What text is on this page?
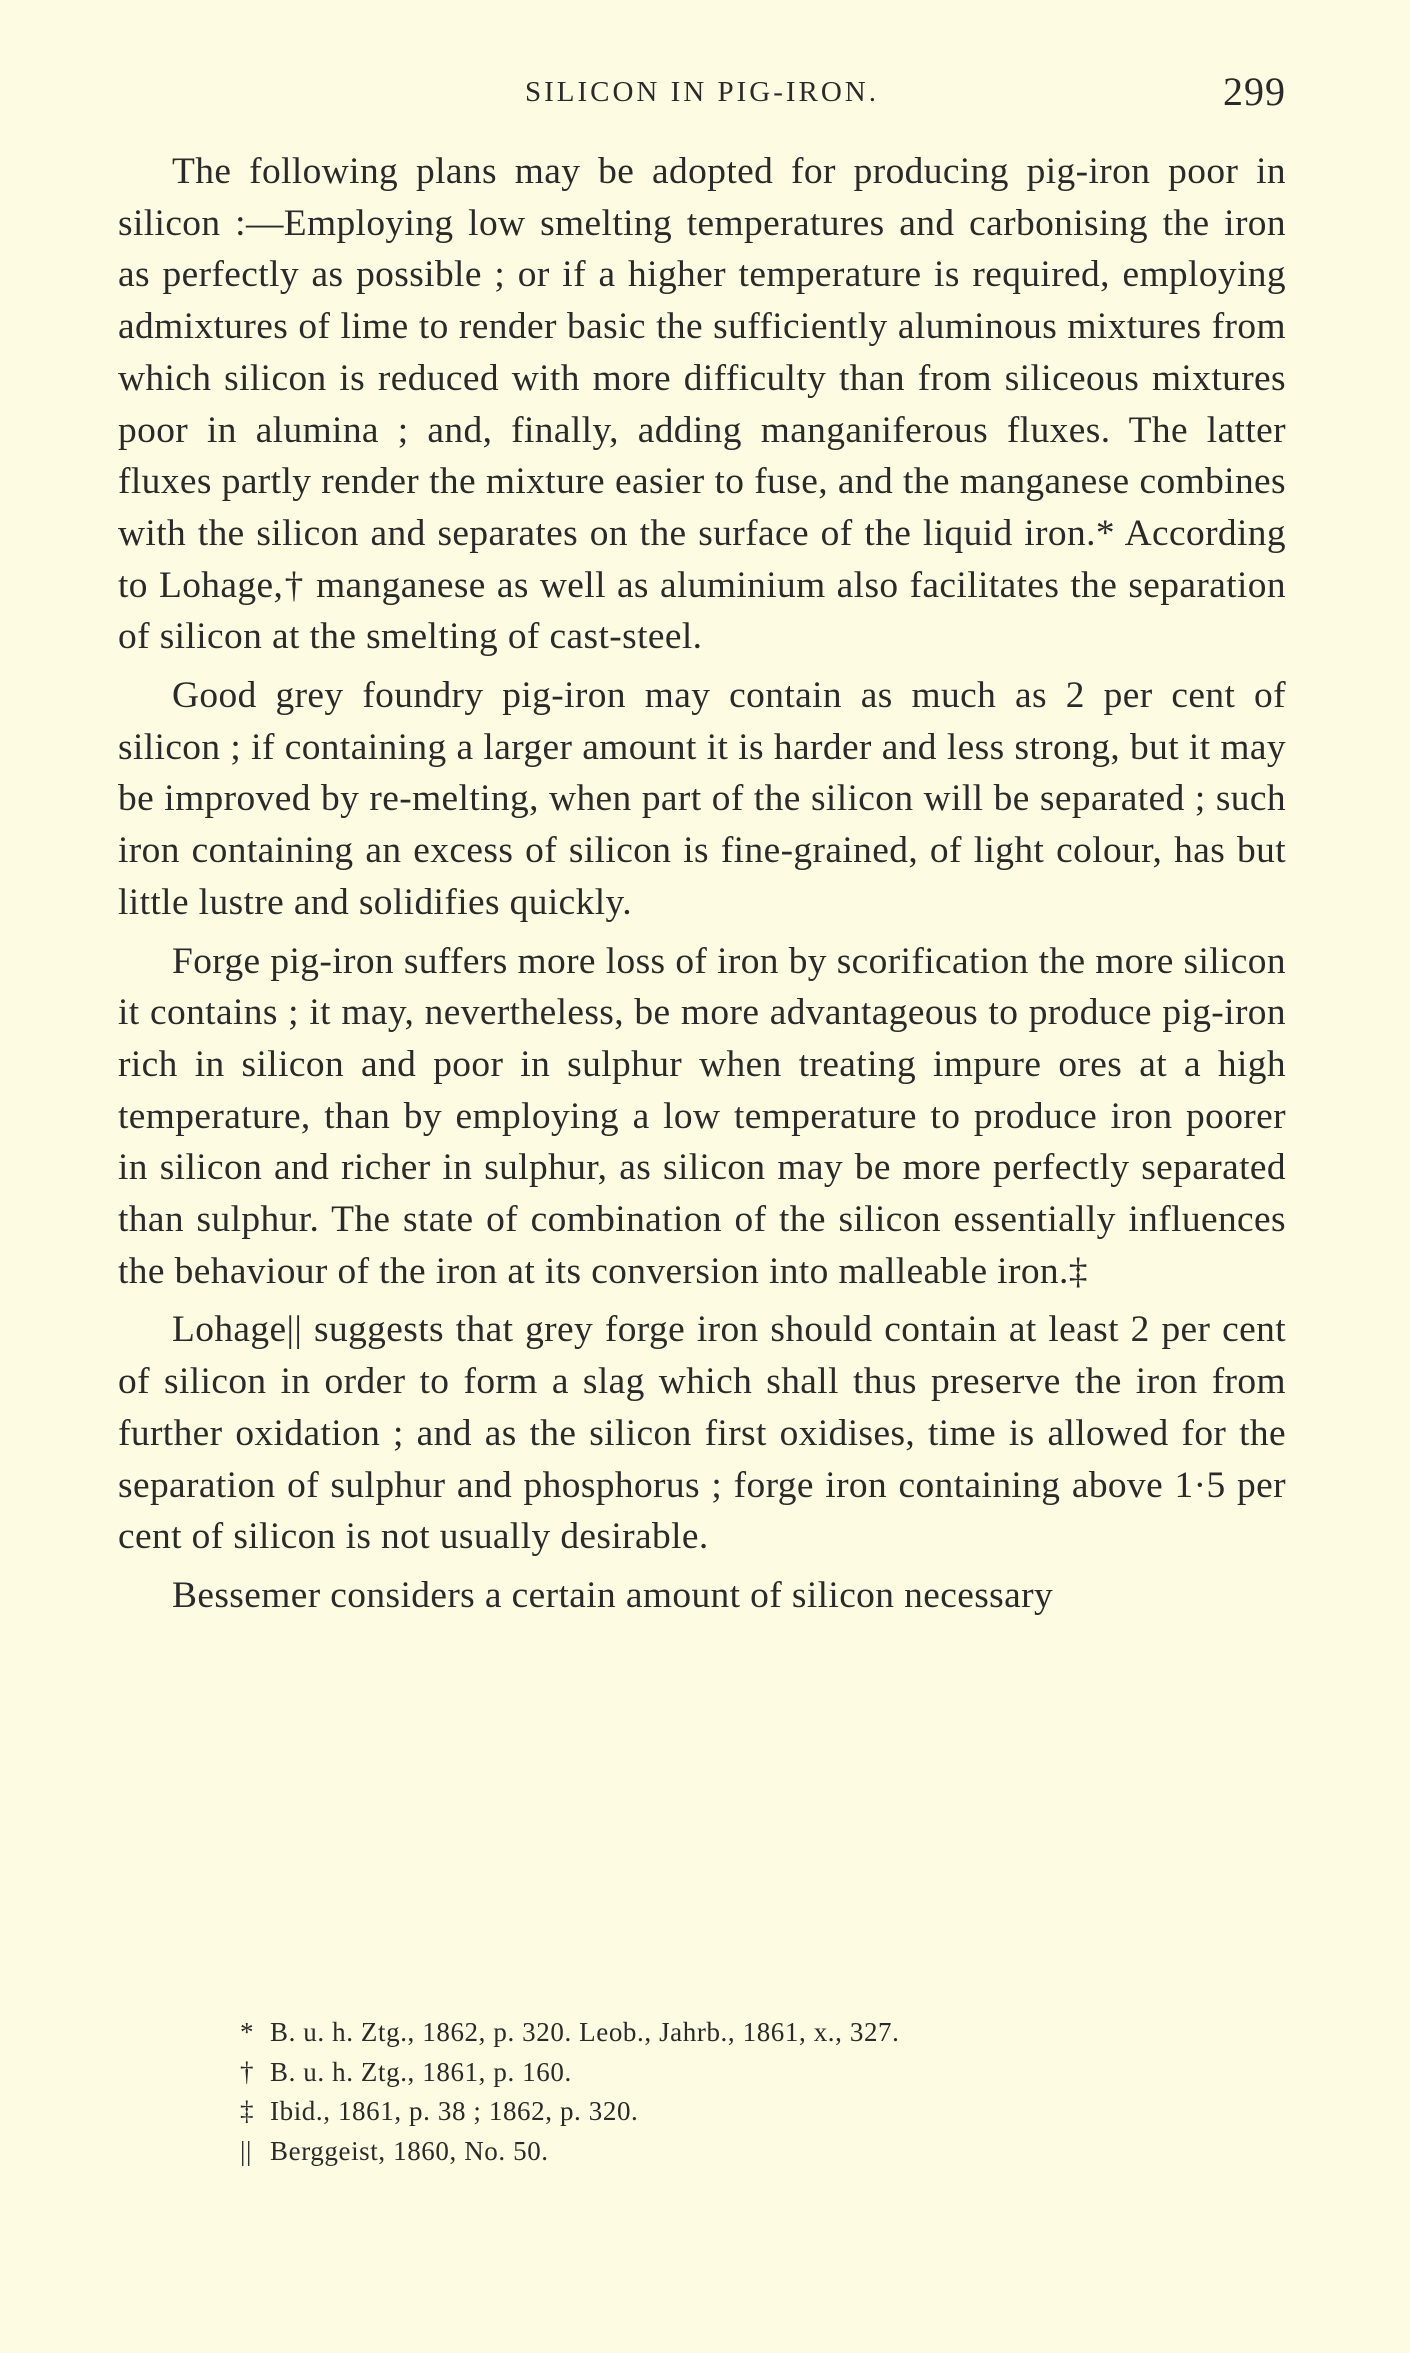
SILICON IN PIG-IRON.	299

The following plans may be adopted for producing pig-iron poor in silicon :—Employing low smelting temperatures and carbonising the iron as perfectly as possible ; or if a higher temperature is required, employing admixtures of lime to render basic the sufficiently aluminous mixtures from which silicon is reduced with more difficulty than from siliceous mixtures poor in alumina ; and, finally, adding manganiferous fluxes. The latter fluxes partly render the mixture easier to fuse, and the manganese combines with the silicon and separates on the surface of the liquid iron.* According to Lohage,† manganese as well as aluminium also facilitates the separation of silicon at the smelting of cast-steel.

Good grey foundry pig-iron may contain as much as 2 per cent of silicon ; if containing a larger amount it is harder and less strong, but it may be improved by re-melting, when part of the silicon will be separated ; such iron containing an excess of silicon is fine-grained, of light colour, has but little lustre and solidifies quickly.

Forge pig-iron suffers more loss of iron by scorification the more silicon it contains ; it may, nevertheless, be more advantageous to produce pig-iron rich in silicon and poor in sulphur when treating impure ores at a high temperature, than by employing a low temperature to produce iron poorer in silicon and richer in sulphur, as silicon may be more perfectly separated than sulphur. The state of combination of the silicon essentially influences the behaviour of the iron at its conversion into malleable iron.‡

Lohage|| suggests that grey forge iron should contain at least 2 per cent of silicon in order to form a slag which shall thus preserve the iron from further oxidation ; and as the silicon first oxidises, time is allowed for the separation of sulphur and phosphorus ; forge iron containing above 1·5 per cent of silicon is not usually desirable.

Bessemer considers a certain amount of silicon necessary

* B. u. h. Ztg., 1862, p. 320. Leob., Jahrb., 1861, x., 327.
† B. u. h. Ztg., 1861, p. 160.
‡ Ibid., 1861, p. 38 ; 1862, p. 320.
|| Berggeist, 1860, No. 50.
